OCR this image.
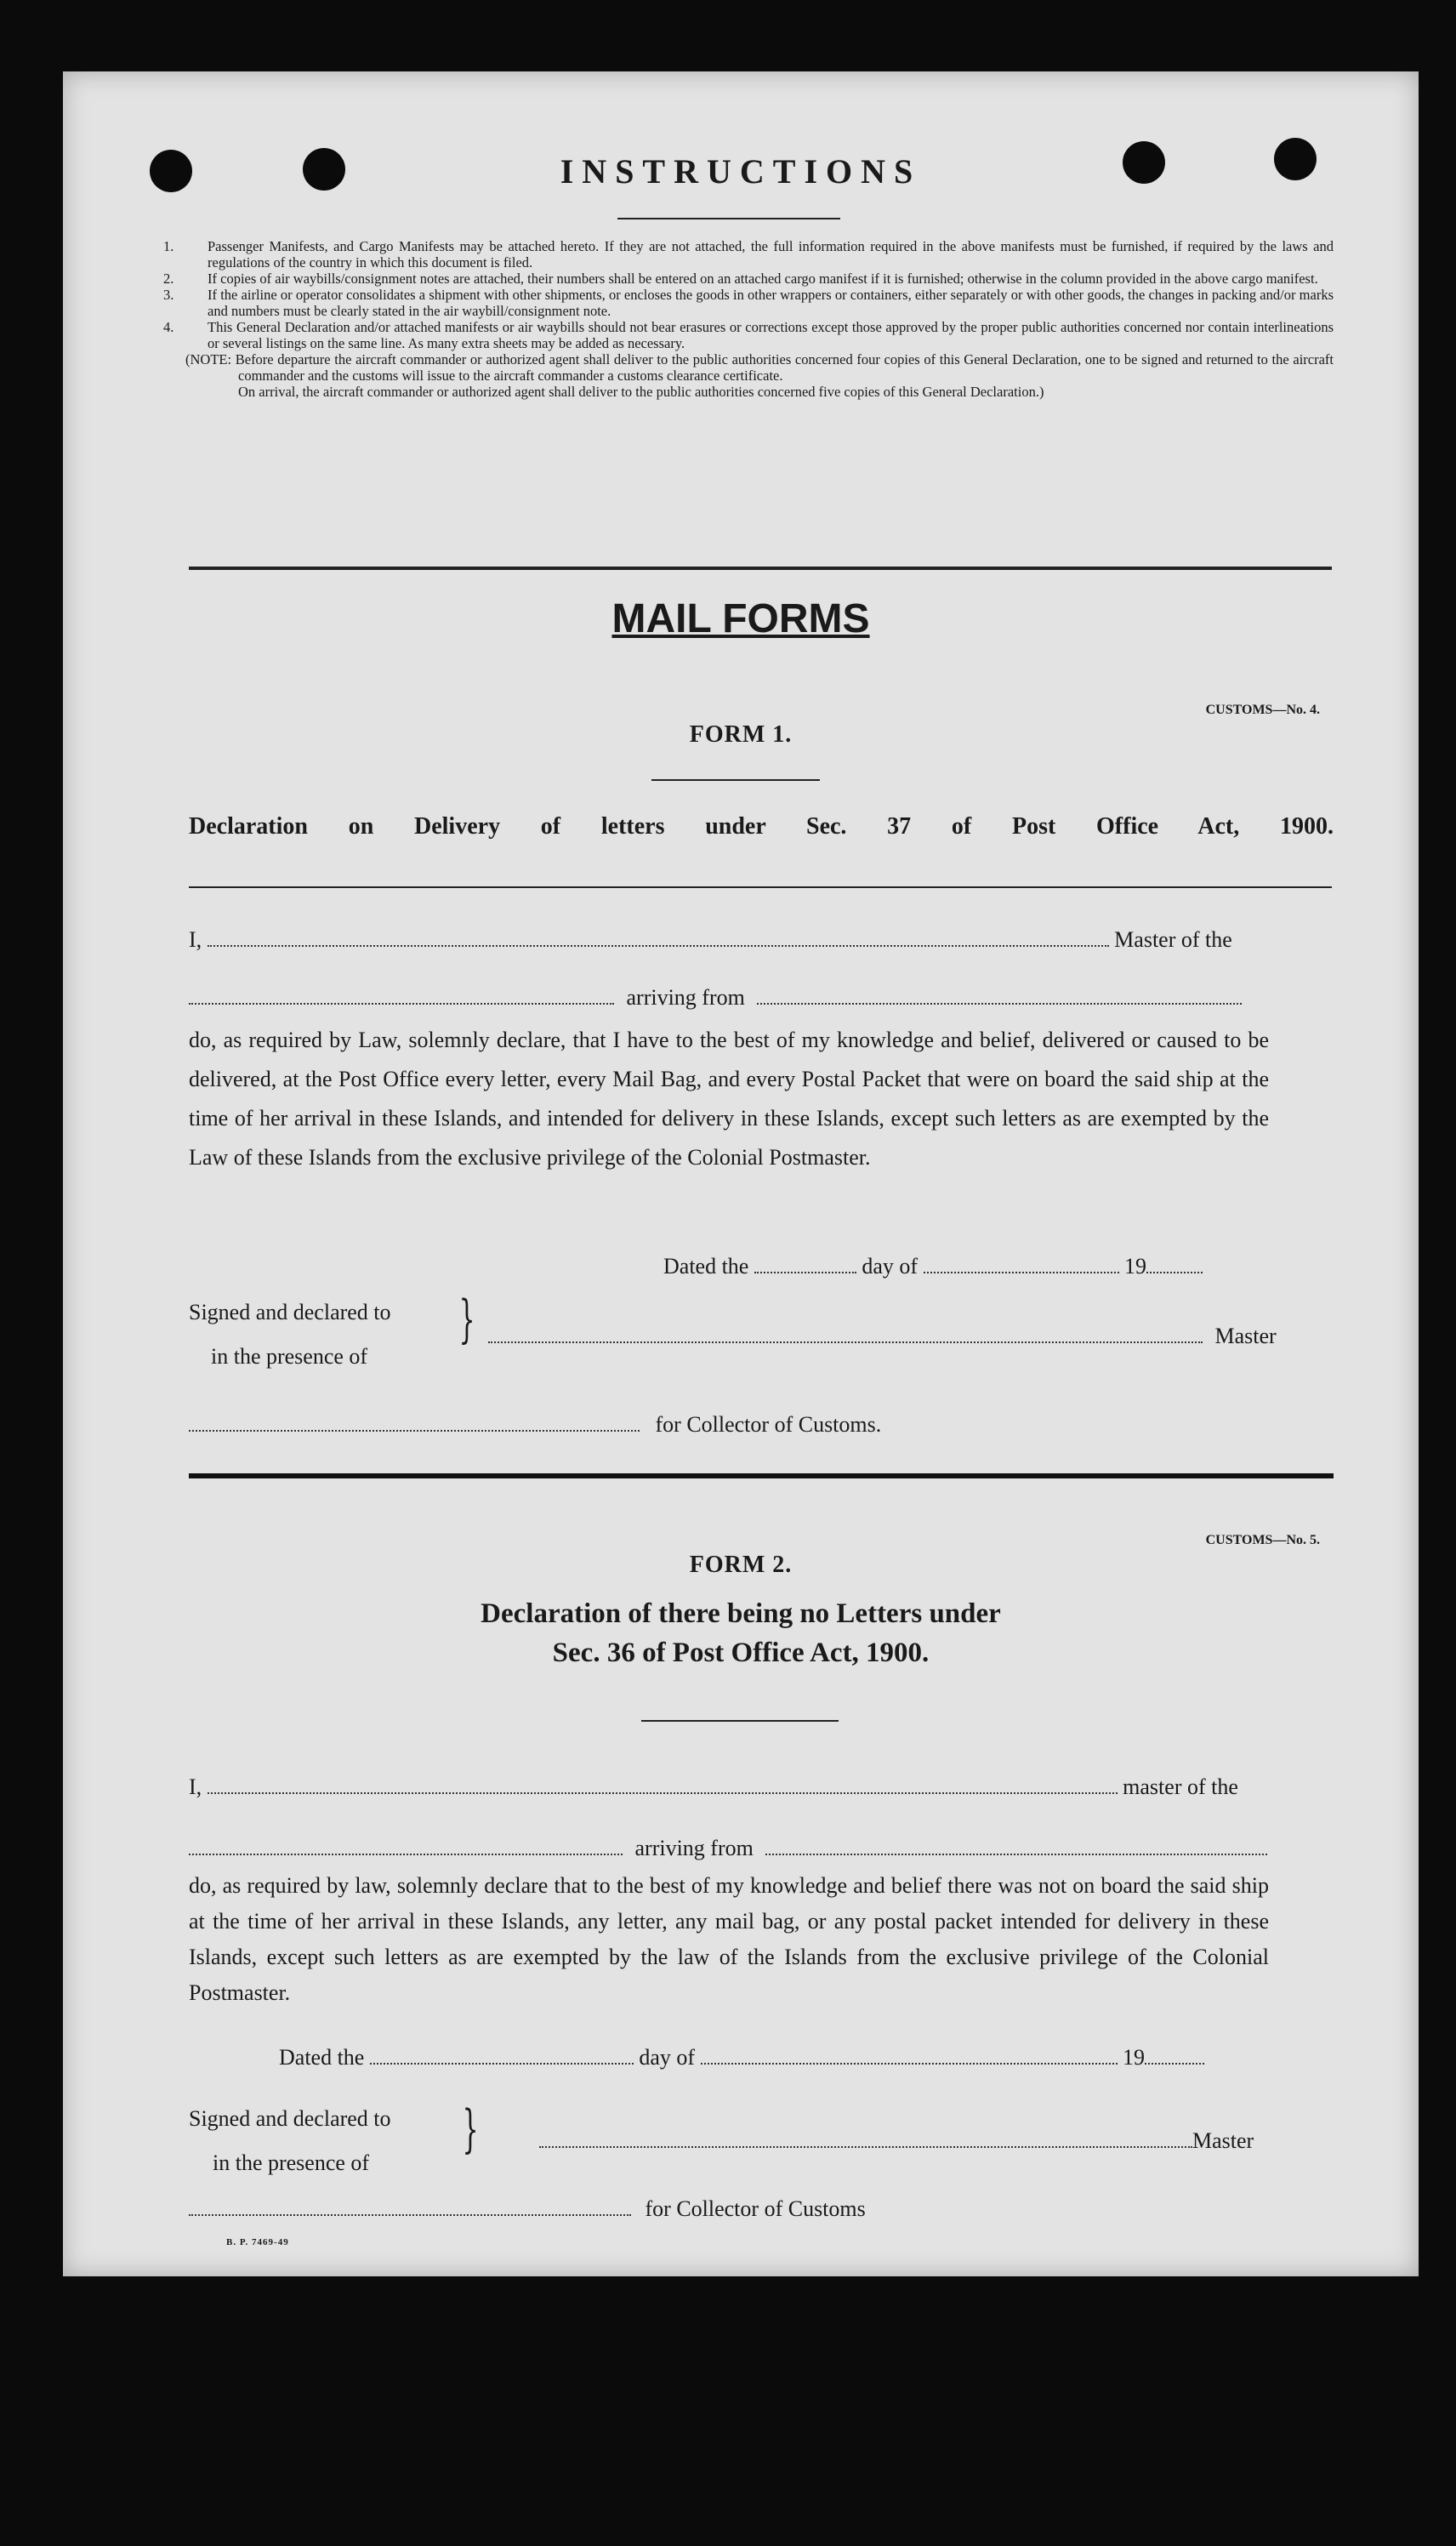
INSTRUCTIONS

1. Passenger Manifests, and Cargo Manifests may be attached hereto. If they are not attached, the full information required in the above manifests must be furnished, if required by the laws and regulations of the country in which this document is filed.

2. If copies of air waybills/consignment notes are attached, their numbers shall be entered on an attached cargo manifest if it is furnished; otherwise in the column provided in the above cargo manifest.

3. If the airline or operator consolidates a shipment with other shipments, or encloses the goods in other wrappers or containers, either separately or with other goods, the changes in packing and/or marks and numbers must be clearly stated in the air waybill/consignment note.

4. This General Declaration and/or attached manifests or air waybills should not bear erasures or corrections except those approved by the proper public authorities concerned nor contain interlineations or several listings on the same line. As many extra sheets may be added as necessary.

(NOTE: Before departure the aircraft commander or authorized agent shall deliver to the public authorities concerned four copies of this General Declaration, one to be signed and returned to the aircraft commander and the customs will issue to the aircraft commander a customs clearance certificate.

On arrival, the aircraft commander or authorized agent shall deliver to the public authorities concerned five copies of this General Declaration.)

MAIL FORMS
CUSTOMS—No. 4.
FORM 1.
Declaration on Delivery of letters under Sec. 37 of Post Office Act, 1900.
I,	Master of the
arriving from
do, as required by Law, solemnly declare, that I have to the best of my knowledge and belief, delivered or caused to be delivered, at the Post Office every letter, every Mail Bag, and every Postal Packet that were on board the said ship at the time of her arrival in these Islands, and intended for delivery in these Islands, except such letters as are exempted by the Law of these Islands from the exclusive privilege of the Colonial Postmaster.
Dated the	day of	19
Signed and declared to
in the presence of
}	Master
for Collector of Customs.
CUSTOMS—No. 5.
FORM 2.
Declaration of there being no Letters under
Sec. 36 of Post Office Act, 1900.
I,	master of the
arriving from
do, as required by law, solemnly declare that to the best of my knowledge and belief there was not on board the said ship at the time of her arrival in these Islands, any letter, any mail bag, or any postal packet intended for delivery in these Islands, except such letters as are exempted by the law of the Islands from the exclusive privilege of the Colonial Postmaster.
Dated the	day of	19
Signed and declared to
in the presence of
}	Master
for Collector of Customs
B. P. 7469-49
